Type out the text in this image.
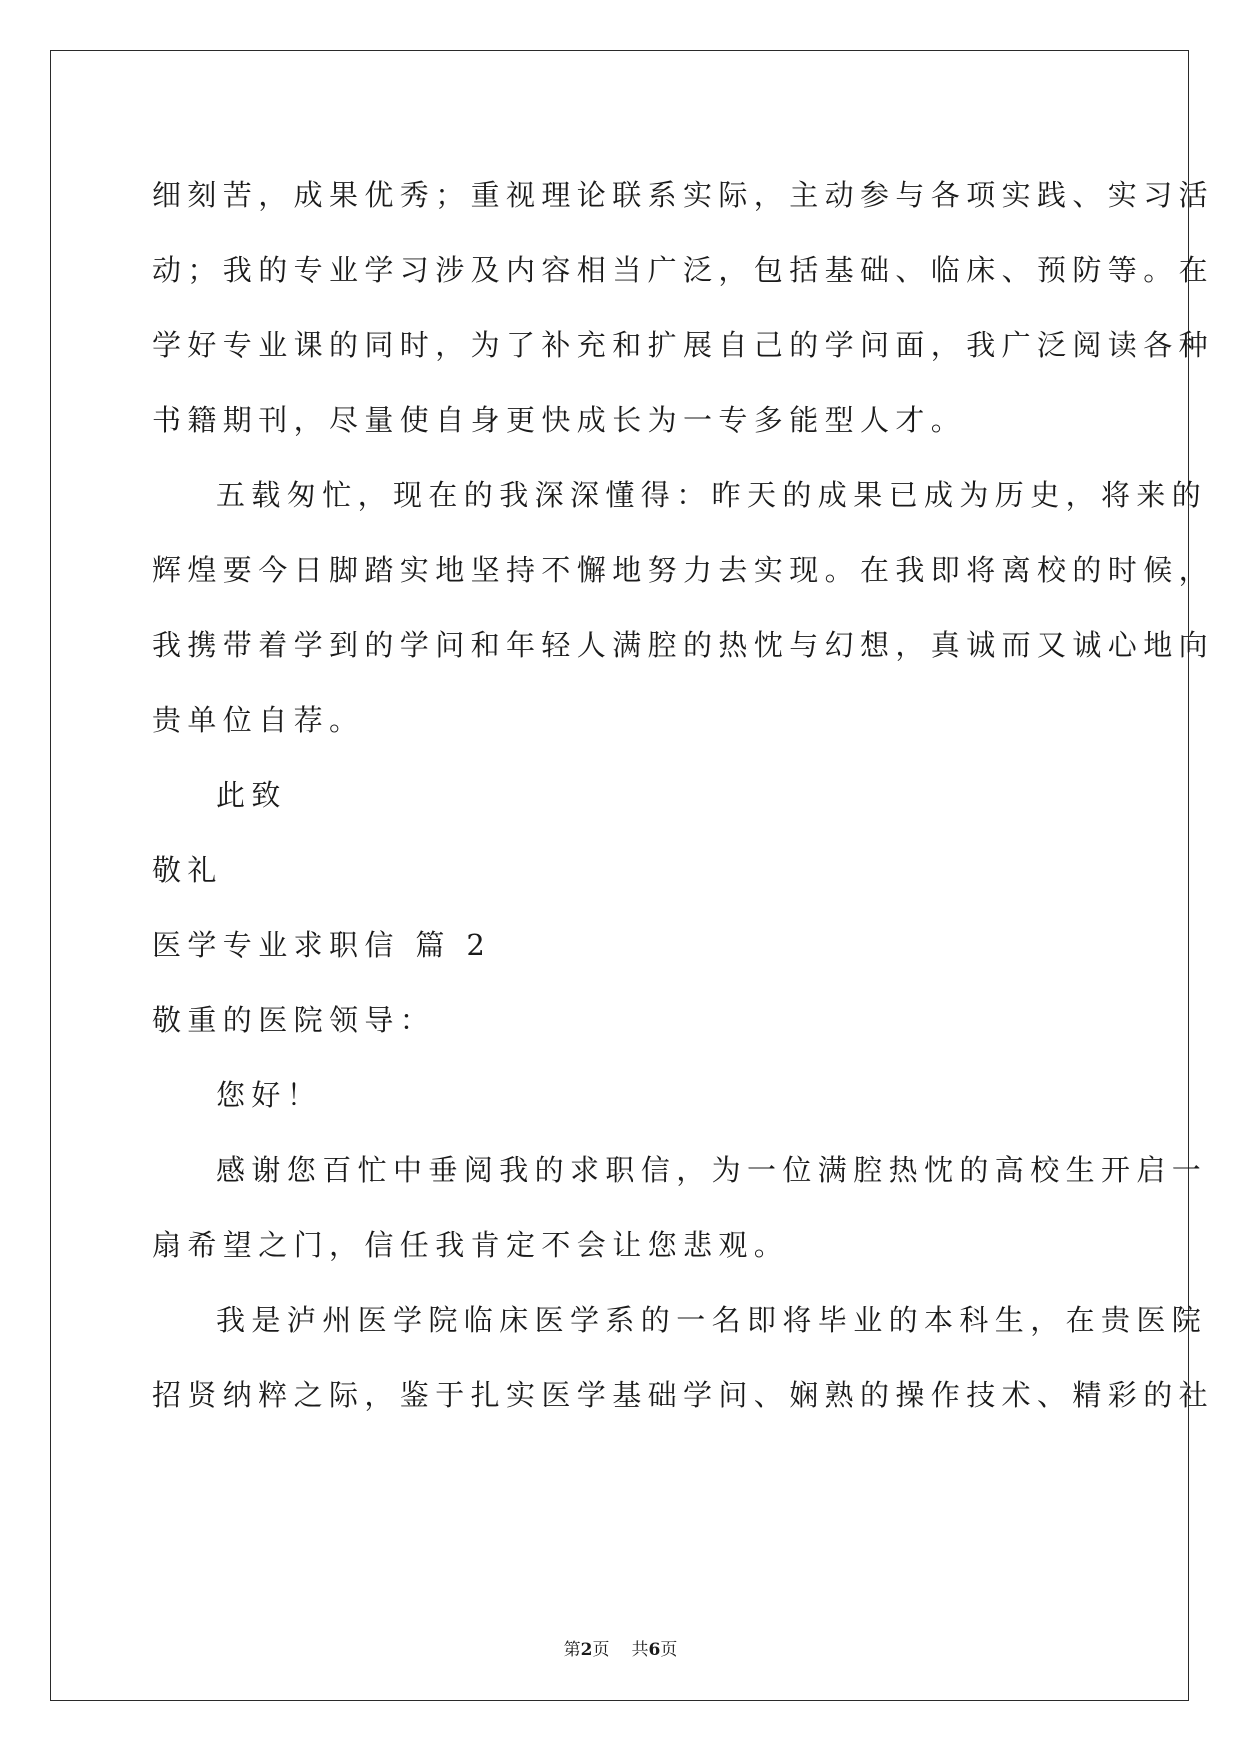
细刻苦，成果优秀；重视理论联系实际，主动参与各项实践、实习活
动；我的专业学习涉及内容相当广泛，包括基础、临床、预防等。在
学好专业课的同时，为了补充和扩展自己的学问面，我广泛阅读各种
书籍期刊，尽量使自身更快成长为一专多能型人才。
五载匆忙，现在的我深深懂得：昨天的成果已成为历史，将来的
辉煌要今日脚踏实地坚持不懈地努力去实现。在我即将离校的时候，
我携带着学到的学问和年轻人满腔的热忱与幻想，真诚而又诚心地向
贵单位自荐。
此致
敬礼
医学专业求职信 篇 2
敬重的医院领导：
您好！
感谢您百忙中垂阅我的求职信，为一位满腔热忱的高校生开启一
扇希望之门，信任我肯定不会让您悲观。
我是泸州医学院临床医学系的一名即将毕业的本科生，在贵医院
招贤纳粹之际，鉴于扎实医学基础学问、娴熟的操作技术、精彩的社
第2页 共6页
